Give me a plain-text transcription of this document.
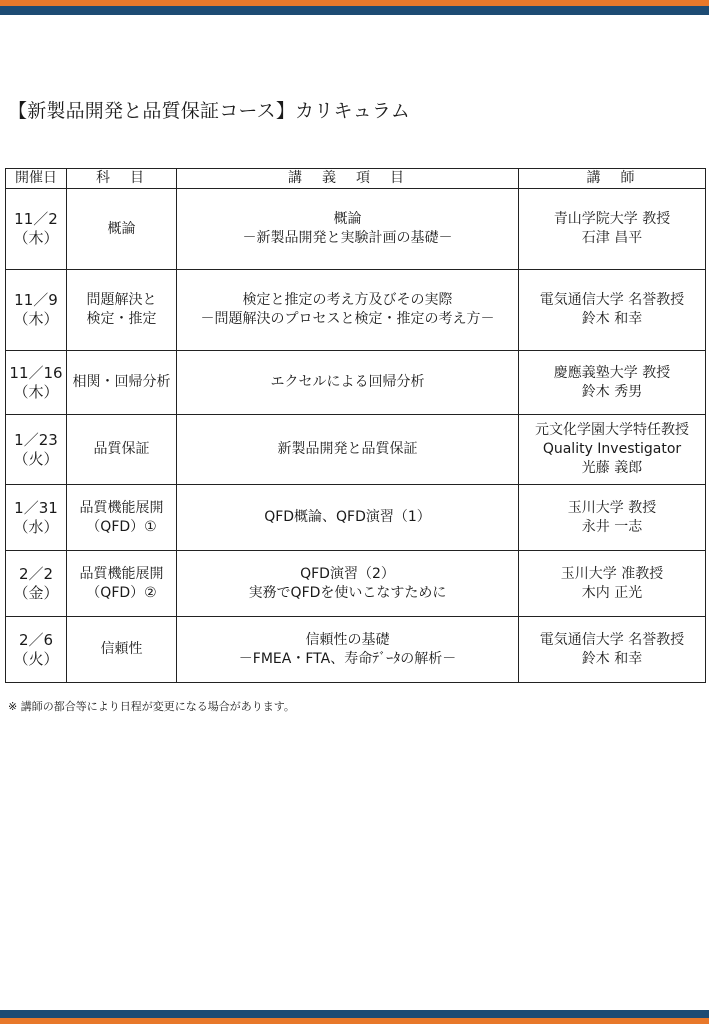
【新製品開発と品質保証コース】カリキュラム
開催日	科　目	講　義　項　目	講　師

11／2
（木）	概論	概論
－新製品開発と実験計画の基礎－	青山学院大学 教授
石津 昌平

11／9
（木）	問題解決と
検定・推定	検定と推定の考え方及びその実際
－問題解決のプロセスと検定・推定の考え方－	電気通信大学 名誉教授
鈴木 和幸

11／16
（木）	相関・回帰分析	エクセルによる回帰分析	慶應義塾大学 教授
鈴木 秀男

1／23
（火）	品質保証	新製品開発と品質保証	元文化学園大学特任教授
Quality Investigator
光藤 義郎

1／31
（水）	品質機能展開
（QFD）①	QFD概論、QFD演習（1）	玉川大学 教授
永井 一志

2／2
（金）	品質機能展開
（QFD）②	QFD演習（2）
実務でQFDを使いこなすために	玉川大学 准教授
木内 正光

2／6
（火）	信頼性	信頼性の基礎
－FMEA・FTA、寿命ﾃﾞｰﾀの解析－	電気通信大学 名誉教授
鈴木 和幸
※ 講師の都合等により日程が変更になる場合があります。
